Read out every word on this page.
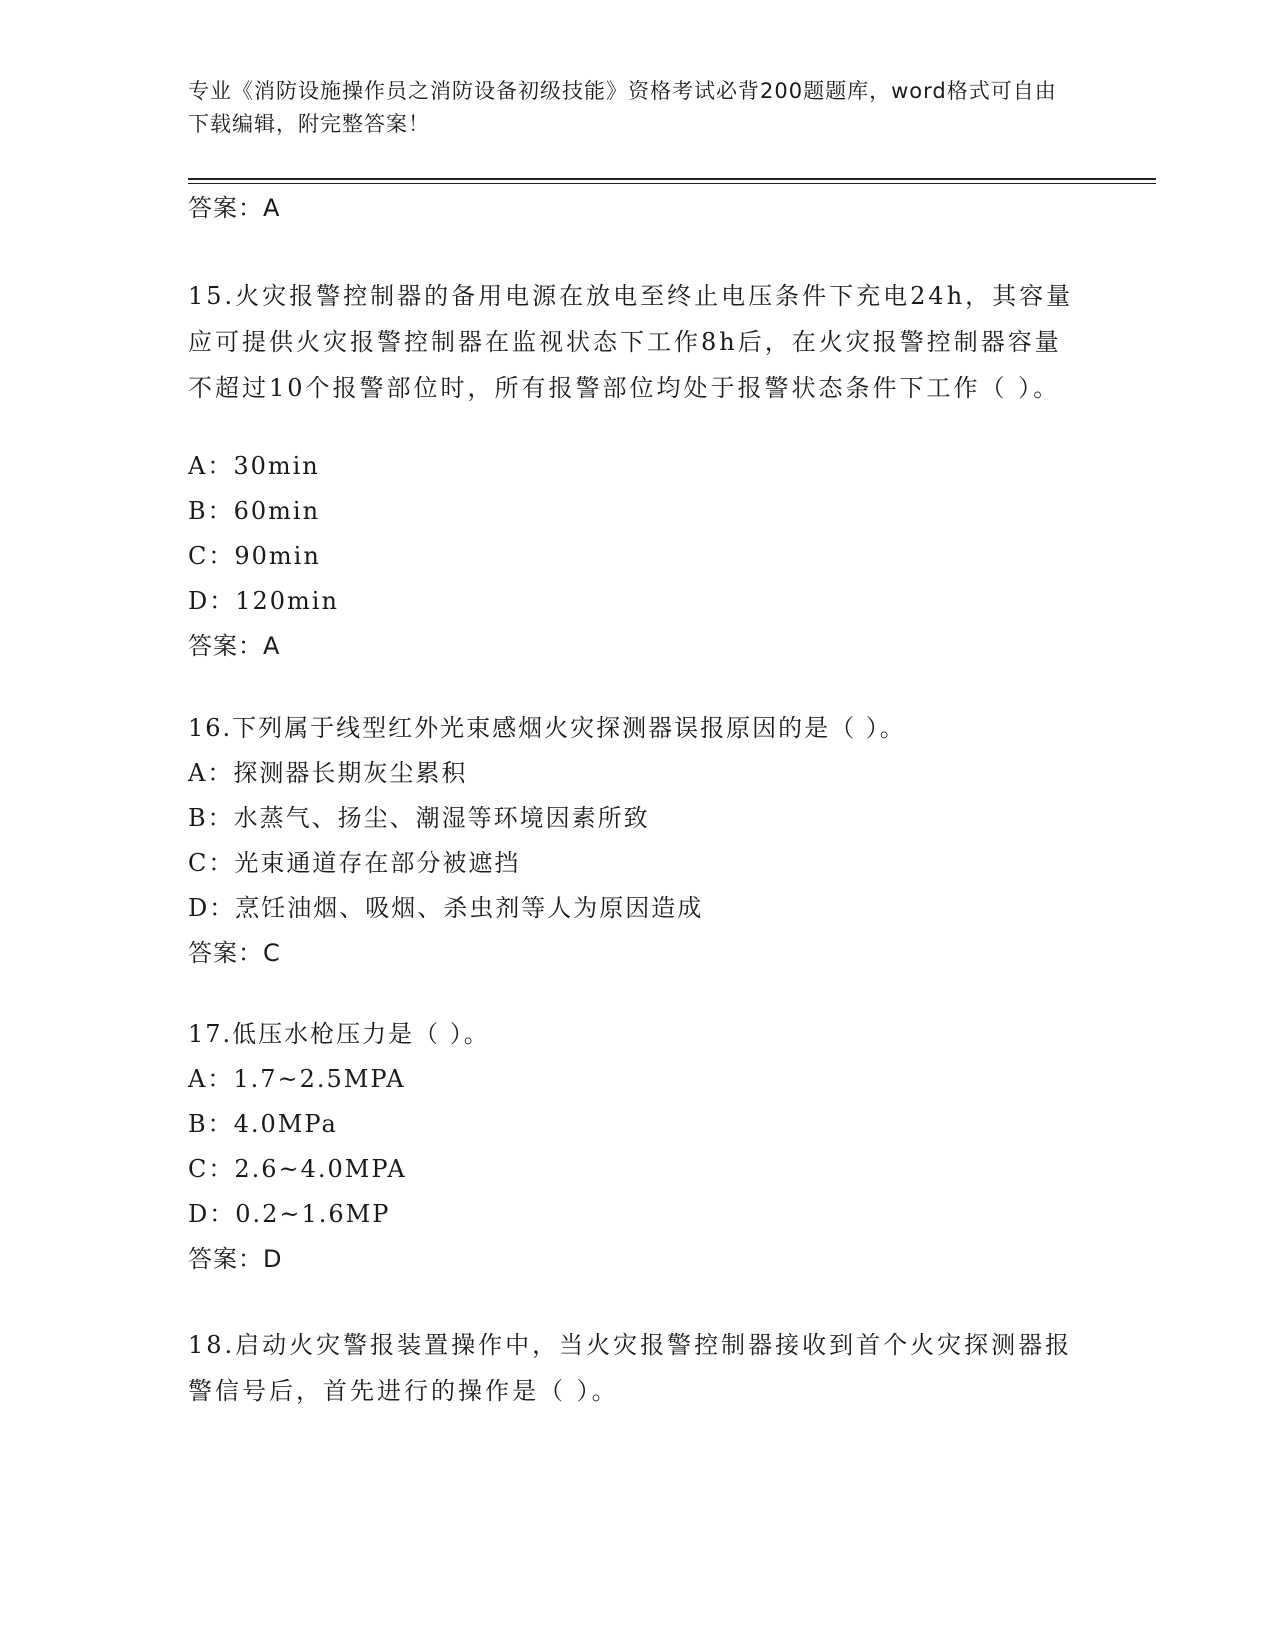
专业《消防设施操作员之消防设备初级技能》资格考试必背200题题库，word格式可自由下载编辑，附完整答案！
答案：A
15.火灾报警控制器的备用电源在放电至终止电压条件下充电24h，其容量应可提供火灾报警控制器在监视状态下工作8h后，在火灾报警控制器容量不超过10个报警部位时，所有报警部位均处于报警状态条件下工作（ ）。
A：30min
B：60min
C：90min
D：120min
答案：A
16.下列属于线型红外光束感烟火灾探测器误报原因的是（ ）。
A：探测器长期灰尘累积
B：水蒸气、扬尘、潮湿等环境因素所致
C：光束通道存在部分被遮挡
D：烹饪油烟、吸烟、杀虫剂等人为原因造成
答案：C
17.低压水枪压力是（ ）。
A：1.7~2.5MPA
B：4.0MPa
C：2.6~4.0MPA
D：0.2~1.6MP
答案：D
18.启动火灾警报装置操作中，当火灾报警控制器接收到首个火灾探测器报警信号后，首先进行的操作是（ ）。
